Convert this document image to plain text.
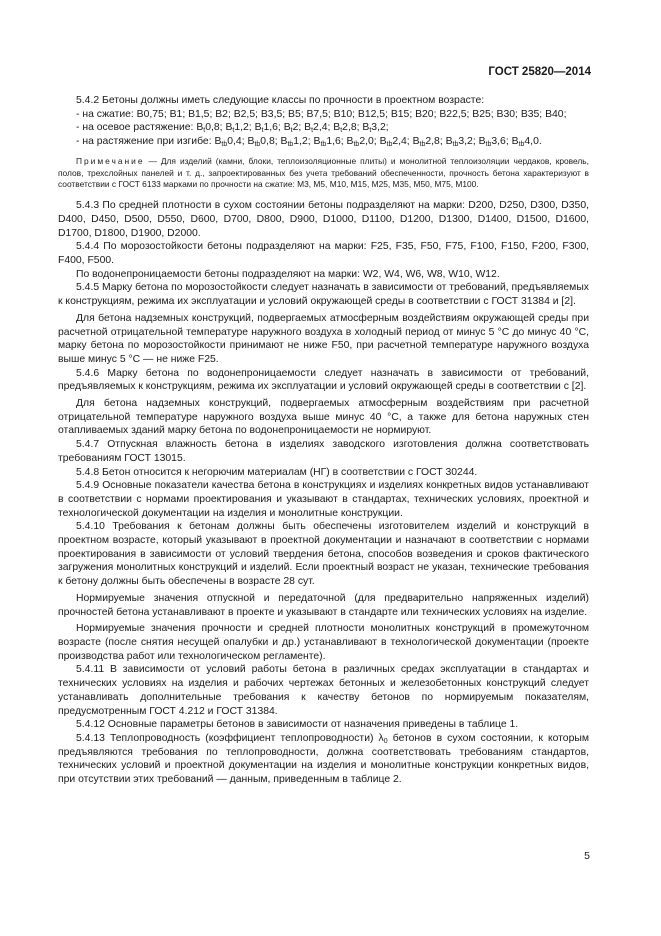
ГОСТ 25820—2014

5.4.2 Бетоны должны иметь следующие классы по прочности в проектном возрасте:

- на сжатие: B0,75; B1; B1,5; B2; B2,5; B3,5; B5; B7,5; B10; B12,5; B15; B20; B22,5; B25; B30; B35; B40;

- на осевое растяжение: $B_t0,8$; $B_t1,2$; $B_t1,6$; $B_t2$; $B_t2,4$; $B_t2,8$; $B_t3,2$;

- на растяжение при изгибе: $B_{tb}0,4$; $B_{tb}0,8$; $B_{tb}1,2$; $B_{tb}1,6$; $B_{tb}2,0$; $B_{tb}2,4$; $B_{tb}2,8$; $B_{tb}3,2$; $B_{tb}3,6$; $B_{tb}4,0$.

Примечание — Для изделий (камни, блоки, теплоизоляционные плиты) и монолитной теплоизоляции чердаков, кровель, полов, трехслойных панелей и т. д., запроектированных без учета требований обеспеченности, прочность бетона характеризуют в соответствии с ГОСТ 6133 марками по прочности на сжатие: М3, М5, М10, М15, М25, М35, М50, М75, М100.

5.4.3 По средней плотности в сухом состоянии бетоны подразделяют на марки: D200, D250, D300, D350, D400, D450, D500, D550, D600, D700, D800, D900, D1000, D1100, D1200, D1300, D1400, D1500, D1600, D1700, D1800, D1900, D2000.

5.4.4 По морозостойкости бетоны подразделяют на марки: F25, F35, F50, F75, F100, F150, F200, F300, F400, F500.

По водонепроницаемости бетоны подразделяют на марки: W2, W4, W6, W8, W10, W12.

5.4.5 Марку бетона по морозостойкости следует назначать в зависимости от требований, предъявляемых к конструкциям, режима их эксплуатации и условий окружающей среды в соответствии с ГОСТ 31384 и [2].

Для бетона надземных конструкций, подвергаемых атмосферным воздействиям окружающей среды при расчетной отрицательной температуре наружного воздуха в холодный период от минус 5 °С до минус 40 °С, марку бетона по морозостойкости принимают не ниже F50, при расчетной температуре наружного воздуха выше минус 5 °С — не ниже F25.

5.4.6 Марку бетона по водонепроницаемости следует назначать в зависимости от требований, предъявляемых к конструкциям, режима их эксплуатации и условий окружающей среды в соответствии с [2].

Для бетона надземных конструкций, подвергаемых атмосферным воздействиям при расчетной отрицательной температуре наружного воздуха выше минус 40 °С, а также для бетона наружных стен отапливаемых зданий марку бетона по водонепроницаемости не нормируют.

5.4.7 Отпускная влажность бетона в изделиях заводского изготовления должна соответствовать требованиям ГОСТ 13015.

5.4.8 Бетон относится к негорючим материалам (НГ) в соответствии с ГОСТ 30244.

5.4.9 Основные показатели качества бетона в конструкциях и изделиях конкретных видов устанавливают в соответствии с нормами проектирования и указывают в стандартах, технических условиях, проектной и технологической документации на изделия и монолитные конструкции.

5.4.10 Требования к бетонам должны быть обеспечены изготовителем изделий и конструкций в проектном возрасте, который указывают в проектной документации и назначают в соответствии с нормами проектирования в зависимости от условий твердения бетона, способов возведения и сроков фактического загружения монолитных конструкций и изделий. Если проектный возраст не указан, технические требования к бетону должны быть обеспечены в возрасте 28 сут.

Нормируемые значения отпускной и передаточной (для предварительно напряженных изделий) прочностей бетона устанавливают в проекте и указывают в стандарте или технических условиях на изделие.

Нормируемые значения прочности и средней плотности монолитных конструкций в промежуточном возрасте (после снятия несущей опалубки и др.) устанавливают в технологической документации (проекте производства работ или технологическом регламенте).

5.4.11 В зависимости от условий работы бетона в различных средах эксплуатации в стандартах и технических условиях на изделия и рабочих чертежах бетонных и железобетонных конструкций следует устанавливать дополнительные требования к качеству бетонов по нормируемым показателям, предусмотренным ГОСТ 4.212 и ГОСТ 31384.

5.4.12 Основные параметры бетонов в зависимости от назначения приведены в таблице 1.

5.4.13 Теплопроводность (коэффициент теплопроводности) $\lambda_0$ бетонов в сухом состоянии, к которым предъявляются требования по теплопроводности, должна соответствовать требованиям стандартов, технических условий и проектной документации на изделия и монолитные конструкции конкретных видов, при отсутствии этих требований — данным, приведенным в таблице 2.

5
